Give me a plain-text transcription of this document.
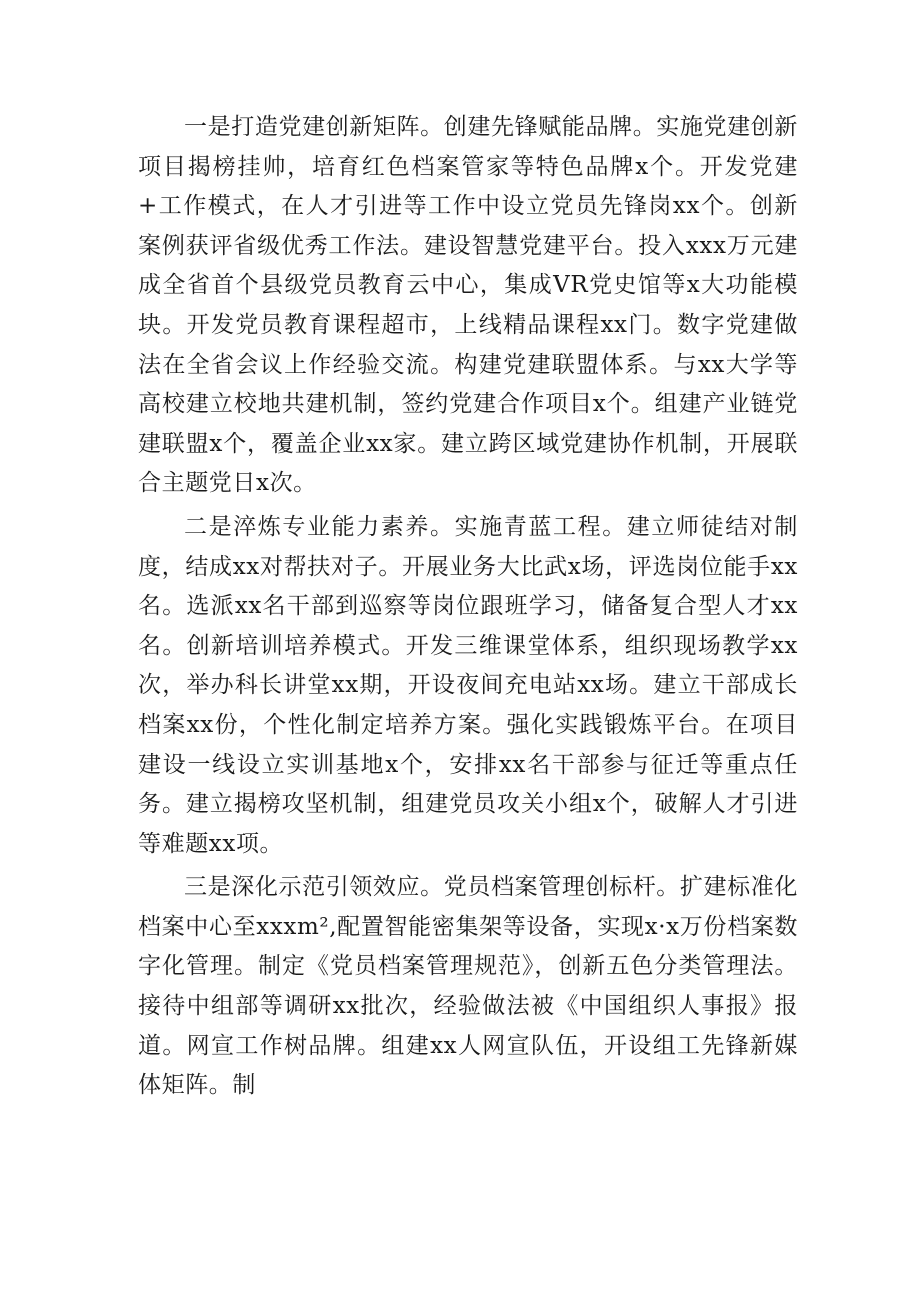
一是打造党建创新矩阵。创建先锋赋能品牌。实施党建创新项目揭榜挂帅，培育红色档案管家等特色品牌x个。开发党建+工作模式，在人才引进等工作中设立党员先锋岗xx个。创新案例获评省级优秀工作法。建设智慧党建平台。投入xxx万元建成全省首个县级党员教育云中心，集成VR党史馆等x大功能模块。开发党员教育课程超市，上线精品课程xx门。数字党建做法在全省会议上作经验交流。构建党建联盟体系。与xx大学等高校建立校地共建机制，签约党建合作项目x个。组建产业链党建联盟x个，覆盖企业xx家。建立跨区域党建协作机制，开展联合主题党日x次。

二是淬炼专业能力素养。实施青蓝工程。建立师徒结对制度，结成xx对帮扶对子。开展业务大比武x场，评选岗位能手xx名。选派xx名干部到巡察等岗位跟班学习，储备复合型人才xx名。创新培训培养模式。开发三维课堂体系，组织现场教学xx次，举办科长讲堂xx期，开设夜间充电站xx场。建立干部成长档案xx份，个性化制定培养方案。强化实践锻炼平台。在项目建设一线设立实训基地x个，安排xx名干部参与征迁等重点任务。建立揭榜攻坚机制，组建党员攻关小组x个，破解人才引进等难题xx项。

三是深化示范引领效应。党员档案管理创标杆。扩建标准化档案中心至xxxm²,配置智能密集架等设备，实现x·x万份档案数字化管理。制定《党员档案管理规范》，创新五色分类管理法。接待中组部等调研xx批次，经验做法被《中国组织人事报》报道。网宣工作树品牌。组建xx人网宣队伍，开设组工先锋新媒体矩阵。制
